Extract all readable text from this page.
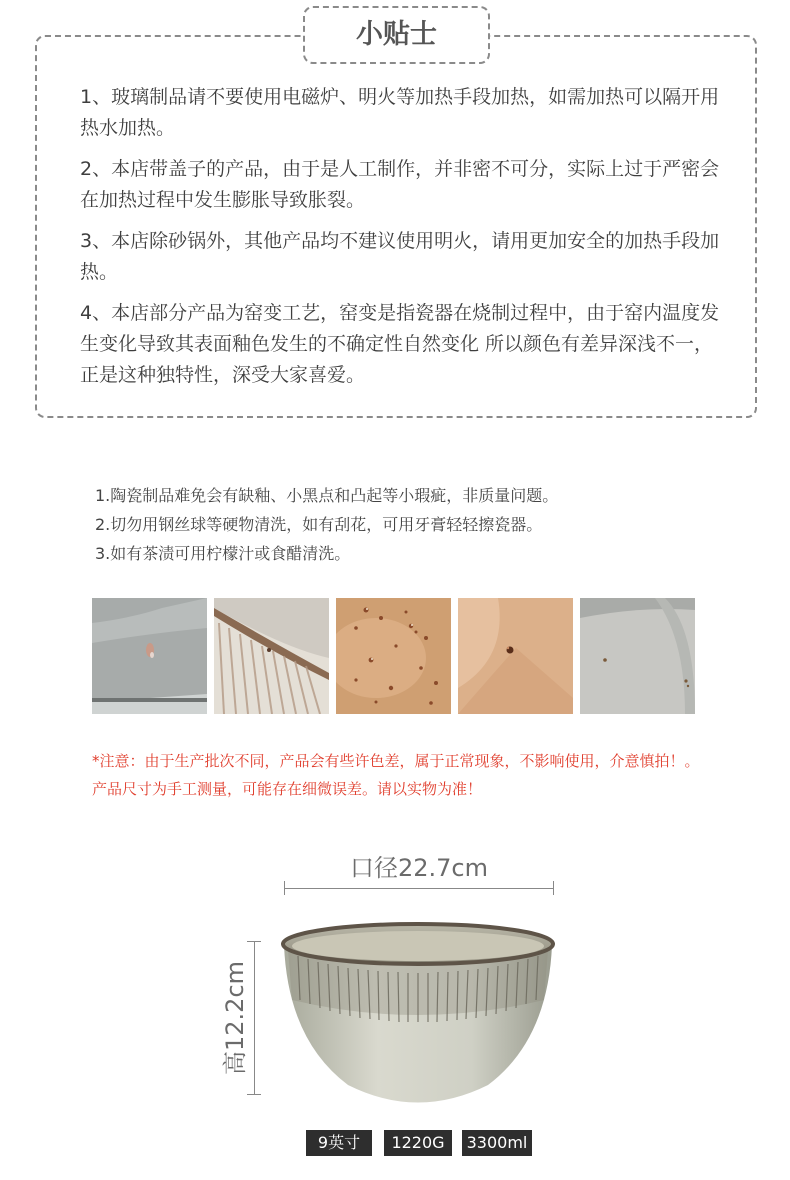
小贴士
1、玻璃制品请不要使用电磁炉、明火等加热手段加热，如需加热可以隔开用热水加热。
2、本店带盖子的产品，由于是人工制作，并非密不可分，实际上过于严密会在加热过程中发生膨胀导致胀裂。
3、本店除砂锅外，其他产品均不建议使用明火，请用更加安全的加热手段加热。
4、本店部分产品为窑变工艺，窑变是指瓷器在烧制过程中，由于窑内温度发生变化导致其表面釉色发生的不确定性自然变化 所以颜色有差异深浅不一，正是这种独特性，深受大家喜爱。
1.陶瓷制品难免会有缺釉、小黑点和凸起等小瑕疵，非质量问题。
2.切勿用钢丝球等硬物清洗，如有刮花，可用牙膏轻轻擦瓷器。
3.如有茶渍可用柠檬汁或食醋清洗。
*注意：由于生产批次不同，产品会有些许色差，属于正常现象，不影响使用，介意慎拍！。产品尺寸为手工测量，可能存在细微误差。请以实物为准！
口径22.7cm
高12.2cm
9英寸	1220G	3300ml
